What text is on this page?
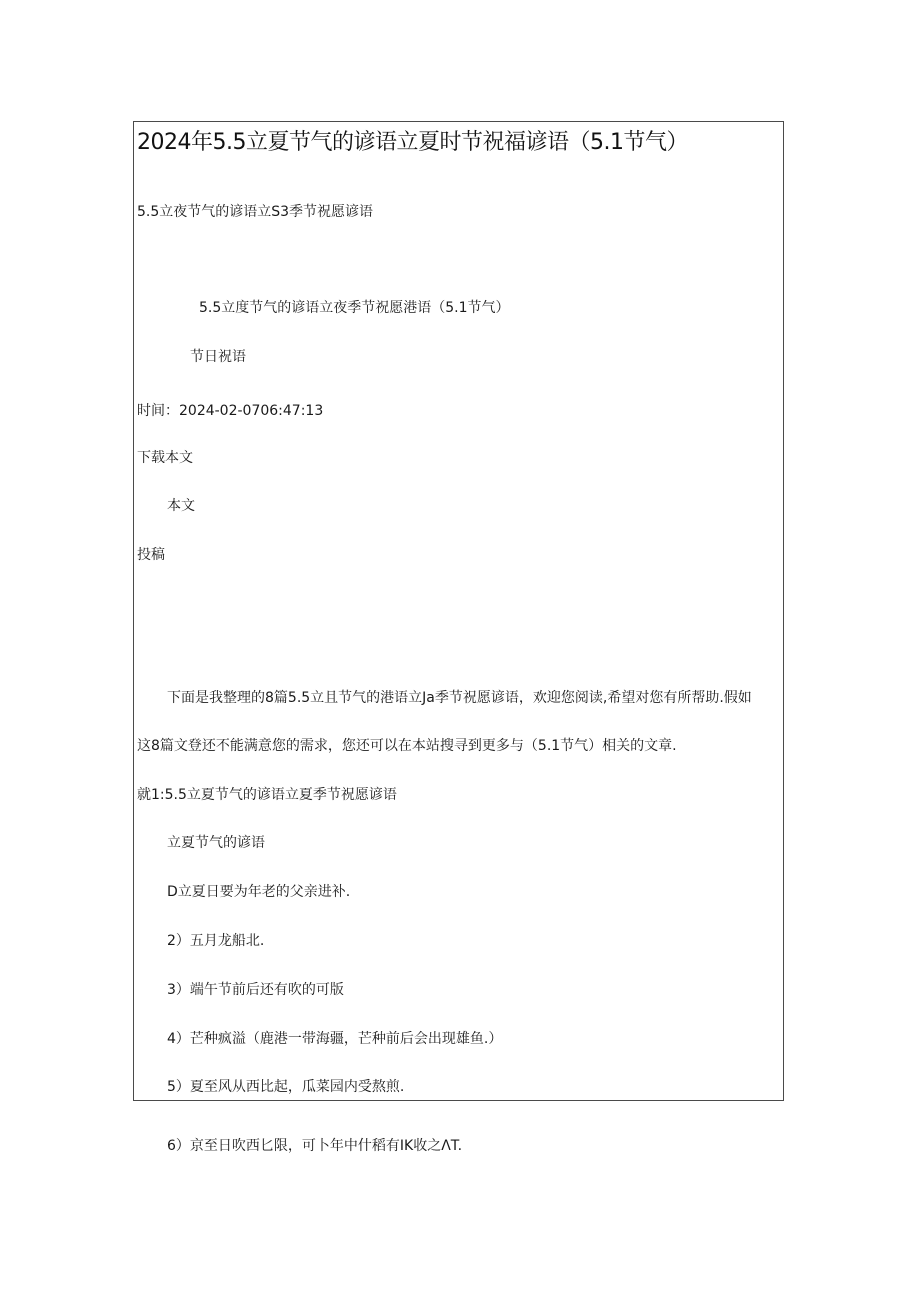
2024年5.5立夏节气的谚语立夏时节祝福谚语（5.1节气）
5.5立夜节气的谚语立S3季节祝愿谚语
5.5立度节气的谚语立夜季节祝愿港语（5.1节气）
节日祝语
时间：2024-02-0706:47:13
下载本文
本文
投稿
下面是我整理的8篇5.5立且节气的港语立Ja季节祝愿谚语，欢迎您阅读,希望对您有所帮助.假如
这8篇文登还不能满意您的需求，您还可以在本站搜寻到更多与（5.1节气）相关的文章.
就1:5.5立夏节气的谚语立夏季节祝愿谚语
立夏节气的谚语
D立夏日要为年老的父亲进补.
2）五月龙船北.
3）端午节前后还有吹的可版
4）芒种疯溢（鹿港一带海疆，芒种前后会出现雄鱼.）
5）夏至风从西比起，瓜菜园内受熬煎.
6）京至日吹西匕限，可卜年中什稻有IK收之ΛT.
